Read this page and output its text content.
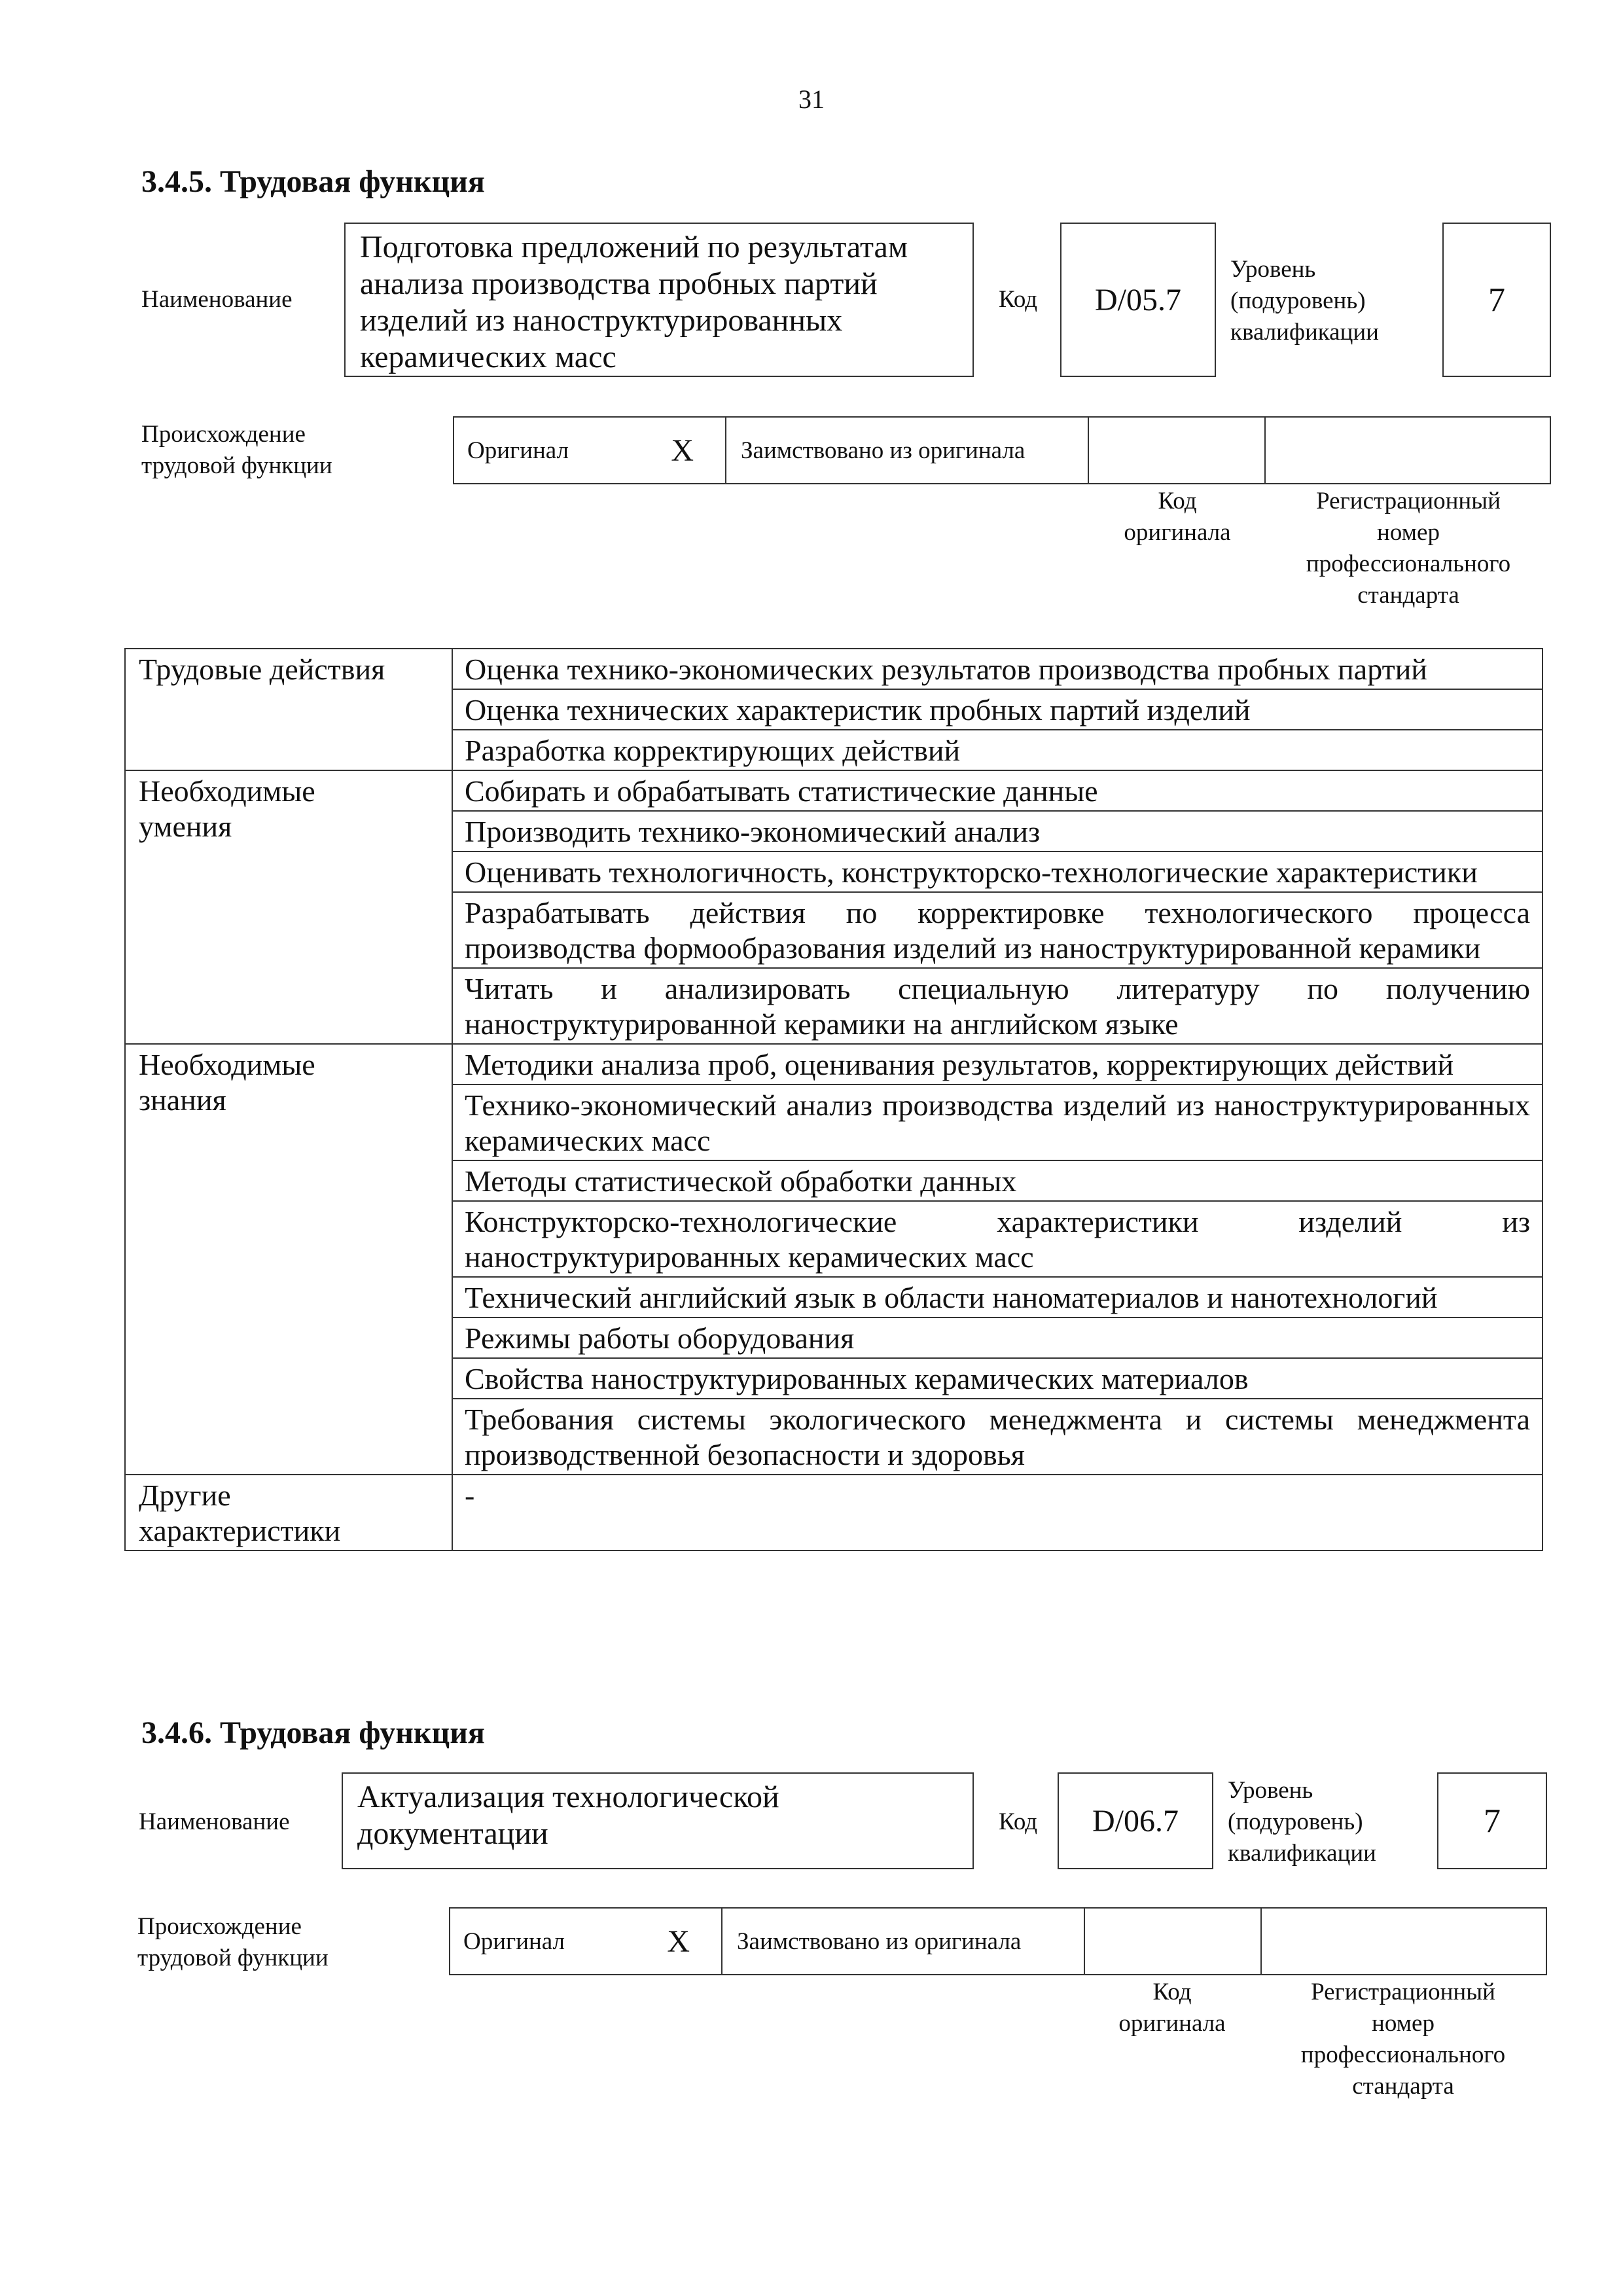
31
3.4.5. Трудовая функция
Наименование
Подготовка предложений по результатам анализа производства пробных партий изделий из наноструктурированных керамических масс
Код D/05.7
Уровень
(подуровень)
квалификации
7
Происхождение
трудовой функции
Оригинал	X Заимствовано из оригинала
Код
оригинала
Регистрационный
номер
профессионального
стандарта
Трудовые действия	Оценка технико-экономических результатов производства пробных партий
	Оценка технических характеристик пробных партий изделий
	Разработка корректирующих действий

Необходимые
умения	Собирать и обрабатывать статистические данные
	Производить технико-экономический анализ
	Оценивать технологичность, конструкторско-технологические характеристики
	Разрабатывать действия по корректировке технологического процесса производства формообразования изделий из наноструктурированной керамики
	Читать и анализировать специальную литературу по получению наноструктурированной керамики на английском языке

Необходимые
знания	Методики анализа проб, оценивания результатов, корректирующих действий
	Технико-экономический анализ производства изделий из наноструктурированных керамических масс
	Методы статистической обработки данных
	Конструкторско-технологические характеристики изделий из наноструктурированных керамических масс
	Технический английский язык в области наноматериалов и нанотехнологий
	Режимы работы оборудования
	Свойства наноструктурированных керамических материалов
	Требования системы экологического менеджмента и системы менеджмента производственной безопасности и здоровья

Другие
характеристики	-
3.4.6. Трудовая функция
Наименование
Актуализация технологической документации	Код D/06.7
Уровень
(подуровень)
квалификации
7
Происхождение
трудовой функции
Оригинал	X Заимствовано из оригинала
Код
оригинала
Регистрационный
номер
профессионального
стандарта
